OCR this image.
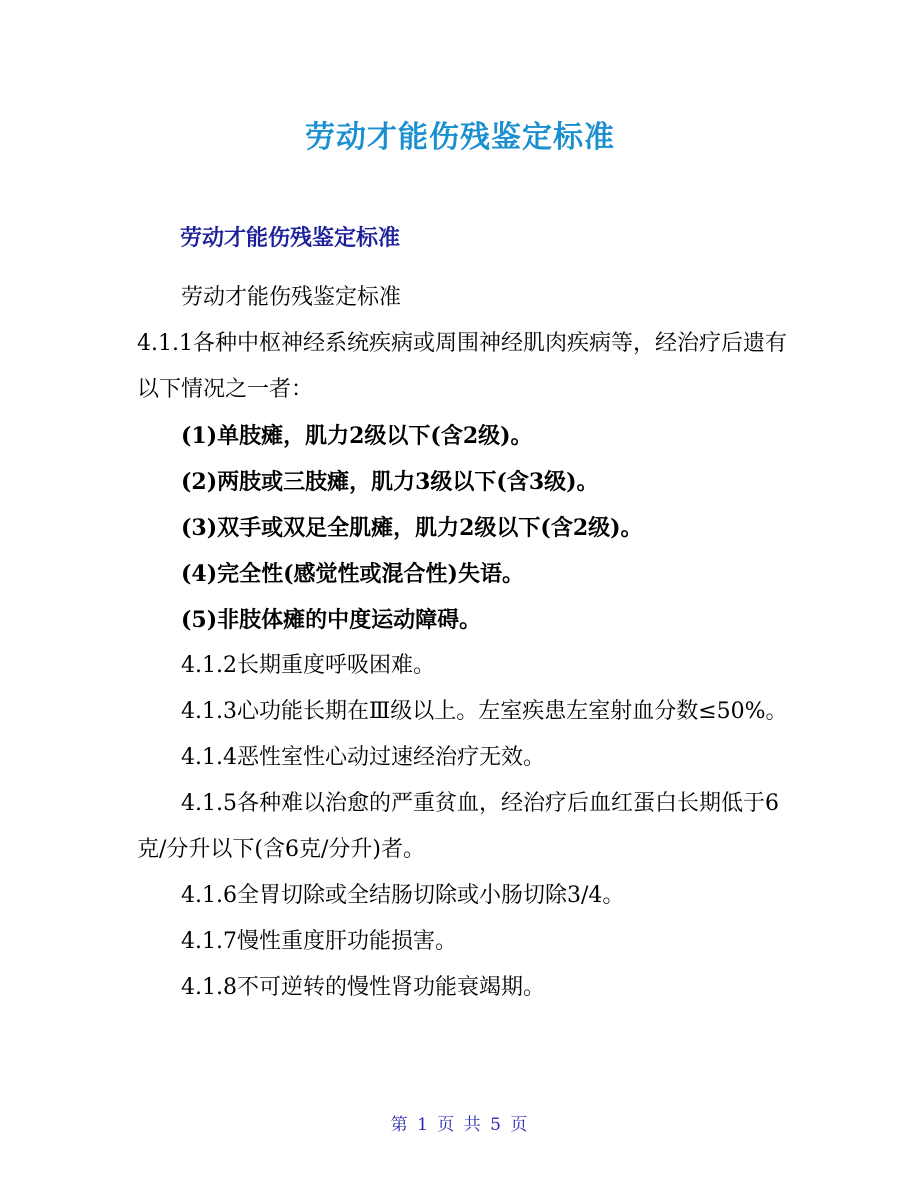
劳动才能伤残鉴定标准
劳动才能伤残鉴定标准

劳动才能伤残鉴定标准

4.1.1各种中枢神经系统疾病或周围神经肌肉疾病等，经治疗后遗有以下情况之一者：

(1)单肢瘫，肌力2级以下(含2级)。

(2)两肢或三肢瘫，肌力3级以下(含3级)。

(3)双手或双足全肌瘫，肌力2级以下(含2级)。

(4)完全性(感觉性或混合性)失语。

(5)非肢体瘫的中度运动障碍。

4.1.2长期重度呼吸困难。

4.1.3心功能长期在Ⅲ级以上。左室疾患左室射血分数≤50%。

4.1.4恶性室性心动过速经治疗无效。

4.1.5各种难以治愈的严重贫血，经治疗后血红蛋白长期低于6克/分升以下(含6克/分升)者。

4.1.6全胃切除或全结肠切除或小肠切除3/4。

4.1.7慢性重度肝功能损害。

4.1.8不可逆转的慢性肾功能衰竭期。

第 1 页 共 5 页
